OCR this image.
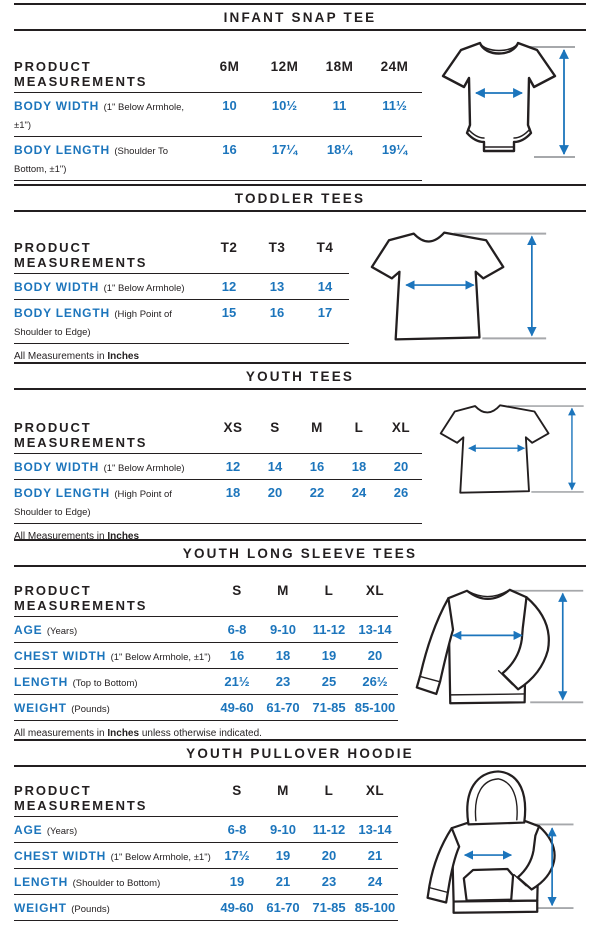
INFANT SNAP TEE
PRODUCT MEASUREMENTS
6M	12M	18M	24M
BODY WIDTH (1" Below Armhole, ±1")
10	10½	11	11½
BODY LENGTH (Shoulder To Bottom, ±1")
16	17¼	18¼	19¼

TODDLER TEES
PRODUCT MEASUREMENTS
T2	T3	T4
BODY WIDTH (1" Below Armhole)	12	13	14
BODY LENGTH (High Point of Shoulder to Edge)
15	16	17

All Measurements in Inches

YOUTH TEES
PRODUCT MEASUREMENTS
XS	S	M	L	XL
BODY WIDTH (1" Below Armhole)	12	14	16	18	20
BODY LENGTH (High Point of Shoulder to Edge)
18	20	22	24	26

All Measurements in Inches

YOUTH LONG SLEEVE TEES
PRODUCT MEASUREMENTS
S	M	L	XL
AGE (Years)	6-8	9-10	11-12	13-14
CHEST WIDTH (1" Below Armhole, ±1")	16	18	19	20
LENGTH (Top to Bottom)	21½	23	25	26½
WEIGHT (Pounds)	49-60 61-70 71-85 85-100

All measurements in Inches unless otherwise indicated.

YOUTH PULLOVER HOODIE
PRODUCT MEASUREMENTS
S	M	L	XL
AGE (Years)	6-8	9-10	11-12	13-14
CHEST WIDTH (1" Below Armhole, ±1")	17½	19	20	21
LENGTH (Shoulder to Bottom)	19	21	23	24
WEIGHT (Pounds)	49-60 61-70 71-85 85-100
